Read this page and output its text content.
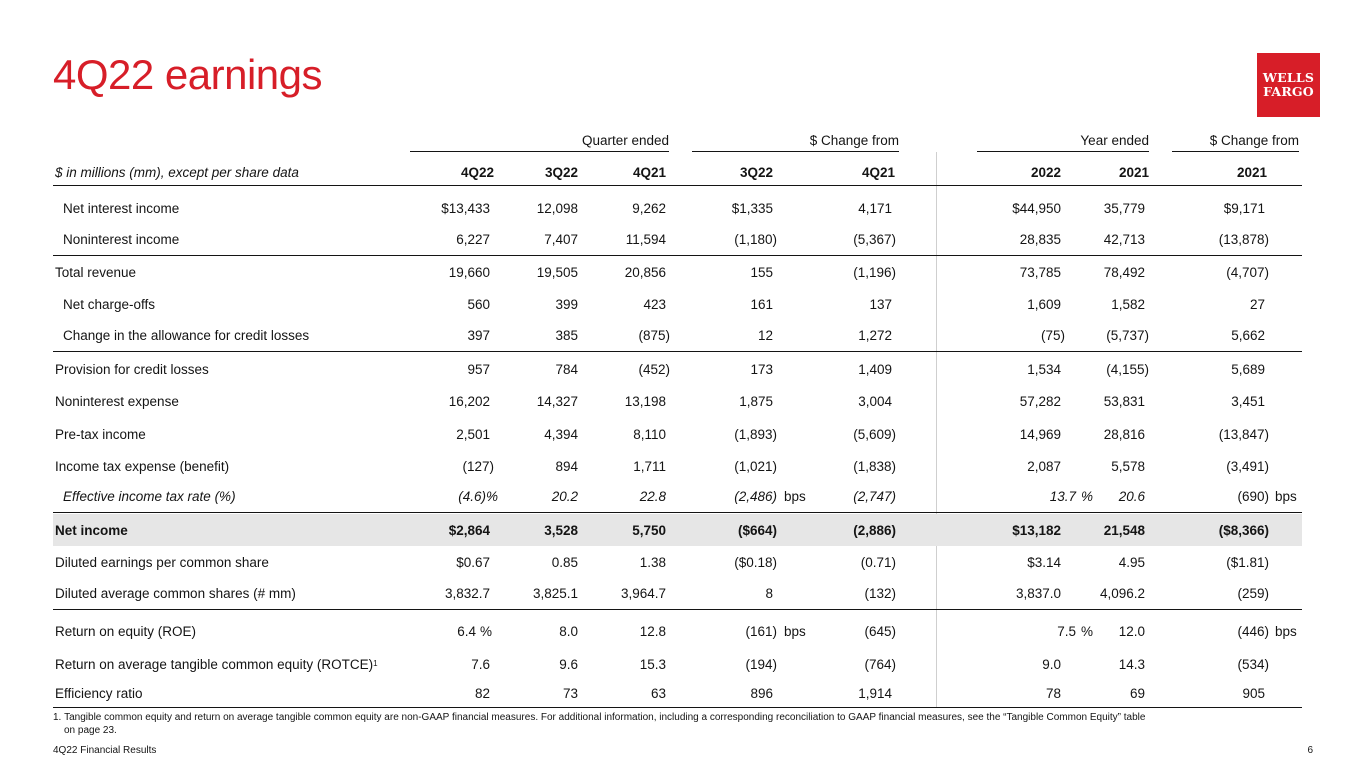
4Q22 earnings	WELLS
FARGO
Quarter ended	$ Change from	Year ended	$ Change from
$ in millions (mm), except per share data	4Q22	3Q22	4Q21	3Q22	4Q21	2022	2021	2021
Net interest income	$13,433	12,098	9,262	$1,335	4,171	$44,950	35,779	$9,171
Noninterest income	6,227	7,407	11,594	(1,180)	(5,367)	28,835	42,713	(13,878)
Total revenue	19,660	19,505	20,856	155	(1,196)	73,785	78,492	(4,707)
Net charge-offs	560	399	423	161	137	1,609	1,582	27
Change in the allowance for credit losses	397	385	(875)	12	1,272	(75)	(5,737)	5,662
Provision for credit losses	957	784	(452)	173	1,409	1,534	(4,155)	5,689
Noninterest expense	16,202	14,327	13,198	1,875	3,004	57,282	53,831	3,451
Pre-tax income	2,501	4,394	8,110	(1,893)	(5,609)	14,969	28,816	(13,847)
Income tax expense (benefit)	(127)	894	1,711	(1,021)	(1,838)	2,087	5,578	(3,491)
Effective income tax rate (%)	(4.6)%	20.2	22.8	(2,486) bps	(2,747)	13.7 % 20.6	(690) bps
Net income	$2,864	3,528	5,750	($664)	(2,886)	$13,182	21,548	($8,366)
Diluted earnings per common share	$0.67	0.85	1.38	($0.18)	(0.71)	$3.14	4.95	($1.81)
Diluted average common shares (# mm)	3,832.7	3,825.1	3,964.7	8	(132)	3,837.0	4,096.2	(259)
Return on equity (ROE)	6.4 %	8.0	12.8	(161) bps	(645)	7.5 % 12.0	(446) bps
Return on average tangible common equity (ROTCE) 1	7.6	9.6	15.3	(194)	(764)	9.0	14.3	(534)
Efficiency ratio	82	73	63	896	1,914	78	69	905
1. Tangible common equity and return on average tangible common equity are non-GAAP financial measures. For additional information, including a corresponding reconciliation to GAAP financial measures, see the “Tangible Common Equity” table on page 23.
4Q22 Financial Results	6
